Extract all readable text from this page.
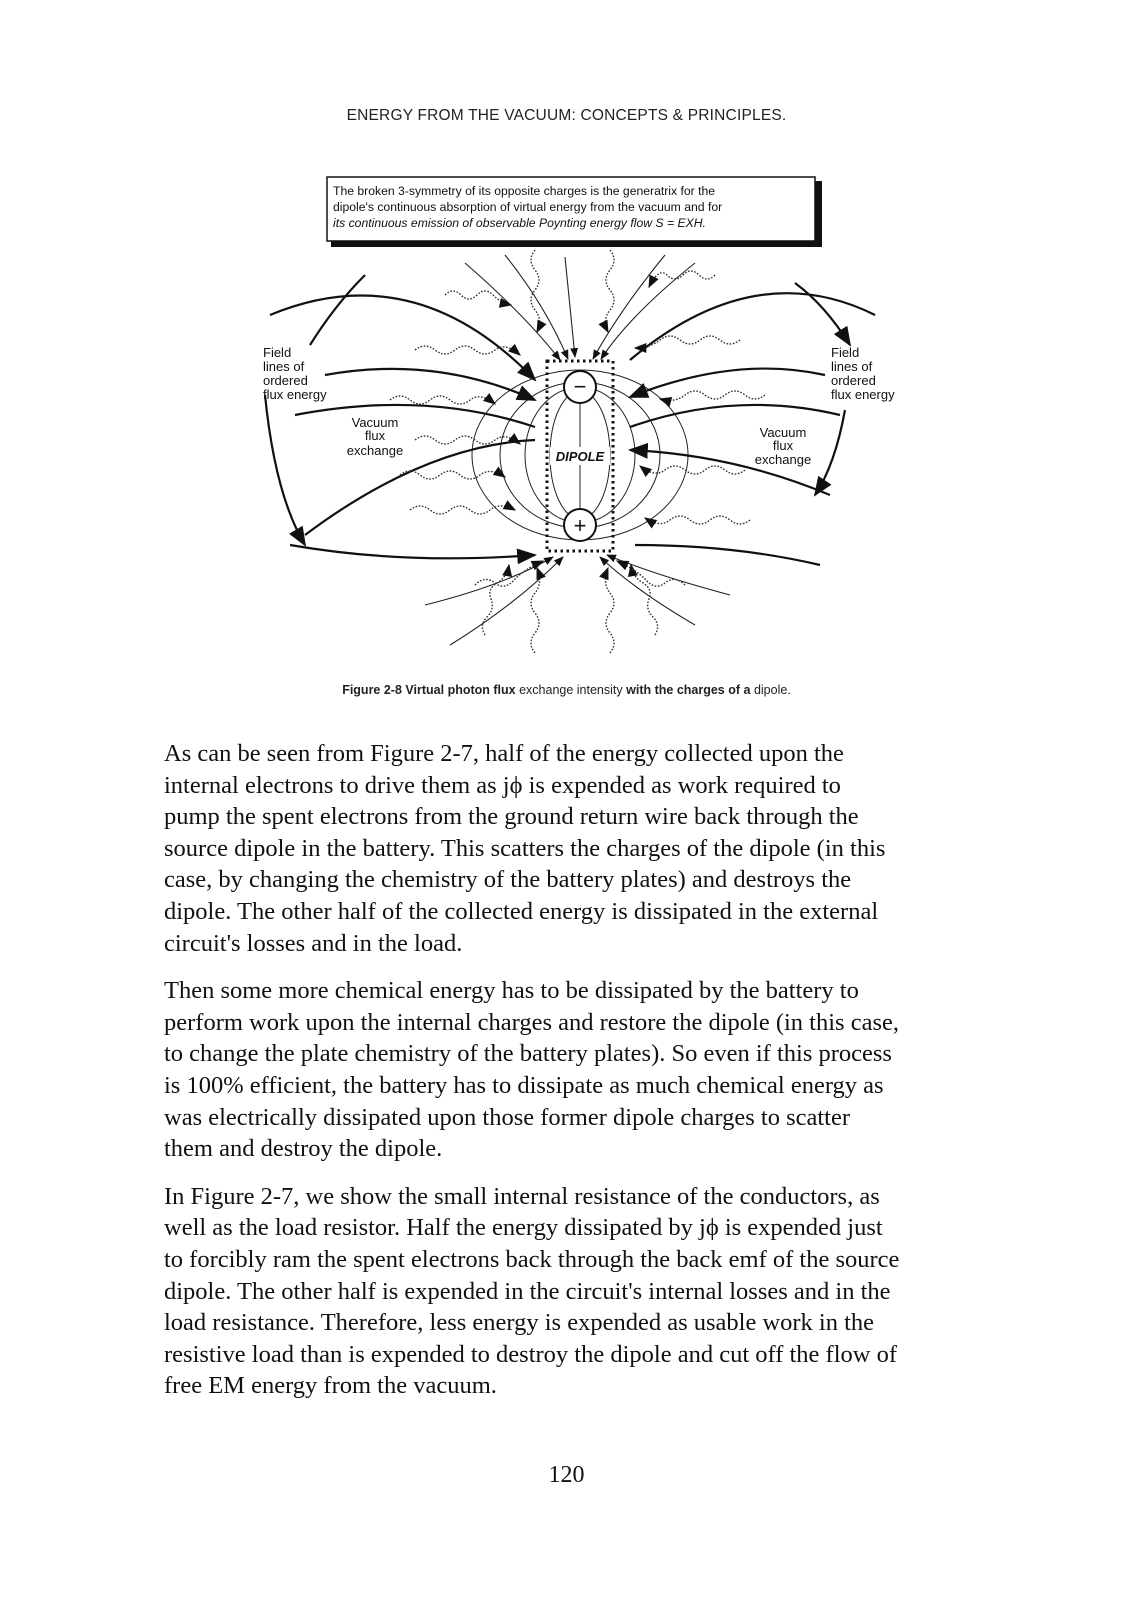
ENERGY FROM THE VACUUM: CONCEPTS & PRINCIPLES.
The broken 3-symmetry of its opposite charges is the generatrix for the
dipole's continuous absorption of virtual energy from the vacuum and for
its continuous emission of observable Poynting energy flow S = EXH.
DIPOLE
−
+
Field
lines of
ordered
flux energy
Field
lines of
ordered
flux energy
Vacuum
flux
exchange
Vacuum
flux
exchange
Figure 2-8 Virtual photon flux exchange intensity with the charges of a dipole.

As can be seen from Figure 2-7, half of the energy collected upon the
internal electrons to drive them as jϕ is expended as work required to
pump the spent electrons from the ground return wire back through the
source dipole in the battery. This scatters the charges of the dipole (in this
case, by changing the chemistry of the battery plates) and destroys the
dipole. The other half of the collected energy is dissipated in the external
circuit's losses and in the load.

Then some more chemical energy has to be dissipated by the battery to
perform work upon the internal charges and restore the dipole (in this case,
to change the plate chemistry of the battery plates). So even if this process
is 100% efficient, the battery has to dissipate as much chemical energy as
was electrically dissipated upon those former dipole charges to scatter
them and destroy the dipole.

In Figure 2-7, we show the small internal resistance of the conductors, as
well as the load resistor. Half the energy dissipated by jϕ is expended just
to forcibly ram the spent electrons back through the back emf of the source
dipole. The other half is expended in the circuit's internal losses and in the
load resistance. Therefore, less energy is expended as usable work in the
resistive load than is expended to destroy the dipole and cut off the flow of
free EM energy from the vacuum.

120
